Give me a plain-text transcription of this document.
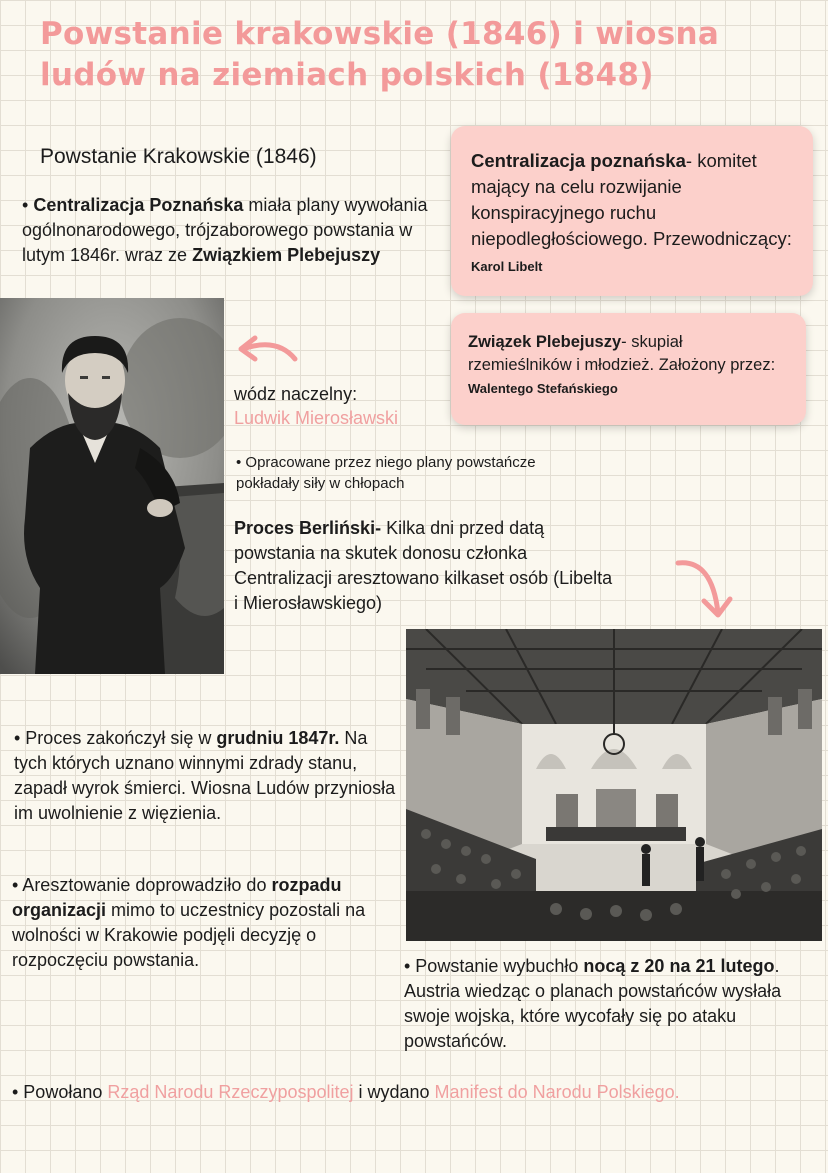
Powstanie krakowskie (1846) i wiosna ludów na ziemiach polskich (1848)
Powstanie Krakowskie (1846)
• Centralizacja Poznańska miała plany wywołania ogólnonarodowego, trójzaborowego powstania w lutym 1846r. wraz ze Związkiem Plebejuszy
Centralizacja poznańska- komitet mający na celu rozwijanie konspiracyjnego ruchu niepodległościowego. Przewodniczący: Karol Libelt
Związek Plebejuszy- skupiał rzemieślników i młodzież. Założony przez: Walentego Stefańskiego
wódz naczelny:
Ludwik Mierosławski
• Opracowane przez niego plany powstańcze pokładały siły w chłopach
Proces Berliński- Kilka dni przed datą powstania na skutek donosu członka Centralizacji aresztowano kilkaset osób (Libelta i Mierosławskiego)
• Proces zakończył się w grudniu 1847r. Na tych których uznano winnymi zdrady stanu, zapadł wyrok śmierci. Wiosna Ludów przyniosła im uwolnienie z więzienia.
• Aresztowanie doprowadziło do rozpadu organizacji mimo to uczestnicy pozostali na wolności w Krakowie podjęli decyzję o rozpoczęciu powstania.	• Powstanie wybuchło nocą z 20 na 21 lutego. Austria wiedząc o planach powstańców wysłała swoje wojska, które wycofały się po ataku powstańców.
• Powołano Rząd Narodu Rzeczypospolitej i wydano Manifest do Narodu Polskiego.
